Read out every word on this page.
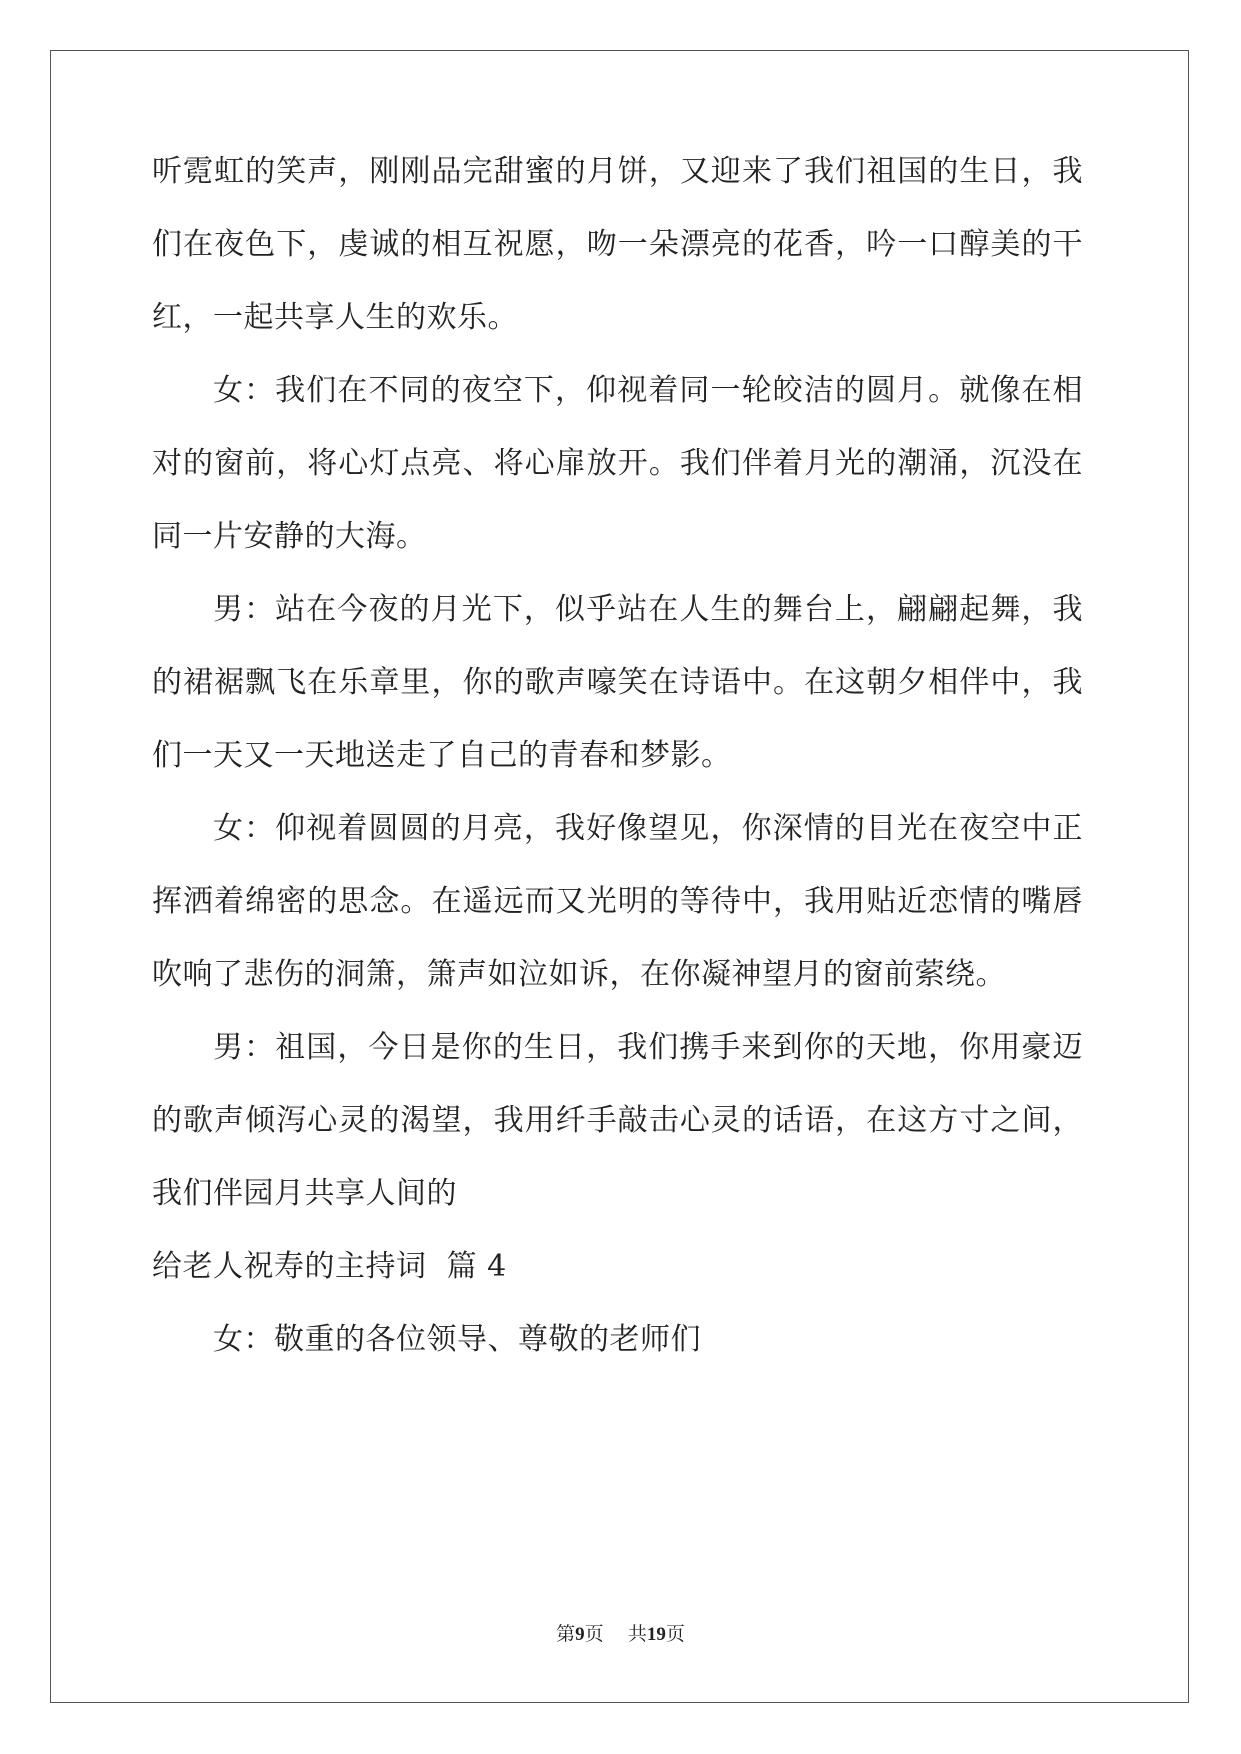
听霓虹的笑声，刚刚品完甜蜜的月饼，又迎来了我们祖国的生日，我
们在夜色下，虔诚的相互祝愿，吻一朵漂亮的花香，吟一口醇美的干
红，一起共享人生的欢乐。
女：我们在不同的夜空下，仰视着同一轮皎洁的圆月。就像在相
对的窗前，将心灯点亮、将心扉放开。我们伴着月光的潮涌，沉没在
同一片安静的大海。
男：站在今夜的月光下，似乎站在人生的舞台上，翩翩起舞，我
的裙裾飘飞在乐章里，你的歌声嚎笑在诗语中。在这朝夕相伴中，我
们一天又一天地送走了自己的青春和梦影。
女：仰视着圆圆的月亮，我好像望见，你深情的目光在夜空中正
挥洒着绵密的思念。在遥远而又光明的等待中，我用贴近恋情的嘴唇
吹响了悲伤的洞箫，箫声如泣如诉，在你凝神望月的窗前萦绕。
男：祖国，今日是你的生日，我们携手来到你的天地，你用豪迈
的歌声倾泻心灵的渴望，我用纤手敲击心灵的话语，在这方寸之间，
我们伴园月共享人间的
给老人祝寿的主持词  篇 4
女：敬重的各位领导、尊敬的老师们
第9页 共19页
